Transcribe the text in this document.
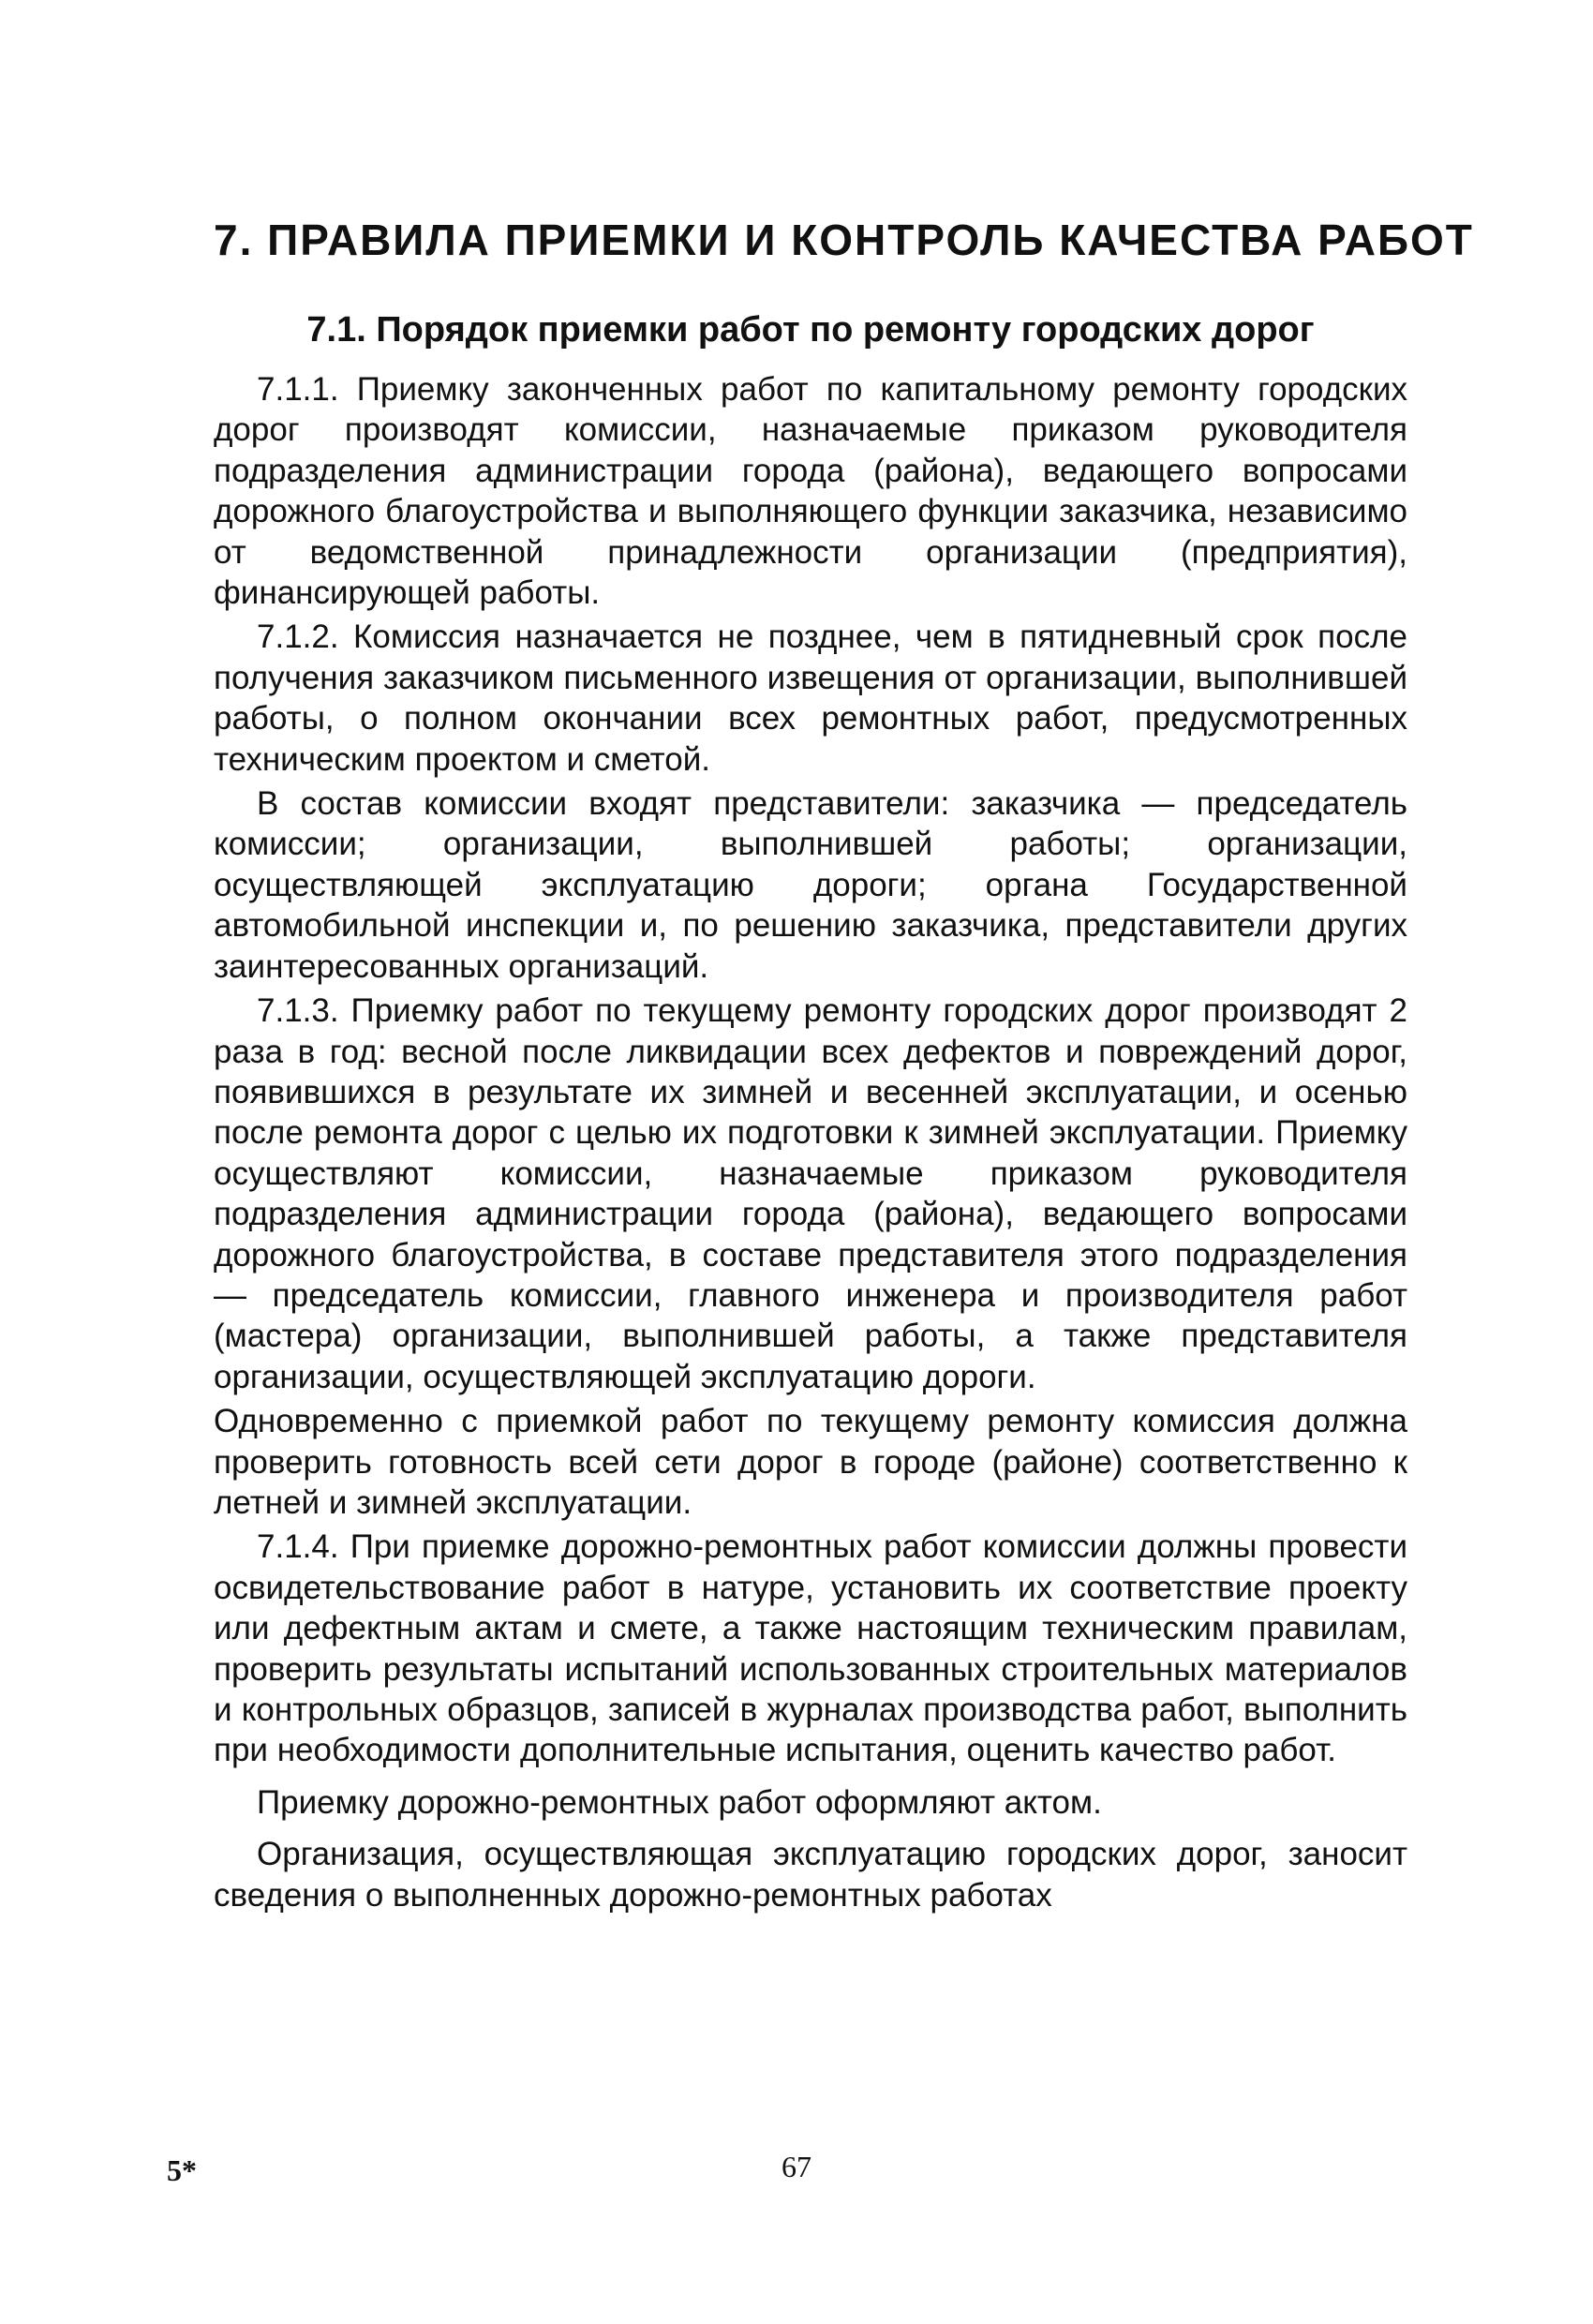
7. ПРАВИЛА ПРИЕМКИ И КОНТРОЛЬ КАЧЕСТВА РАБОТ
7.1. Порядок приемки работ по ремонту городских дорог

7.1.1. Приемку законченных работ по капитальному ремонту городских дорог производят комиссии, назначаемые приказом руководителя подразделения администрации города (района), ведающего вопросами дорожного благоустройства и выполняющего функции заказчика, независимо от ведомственной принадлежности организации (предприятия), финансирующей работы.

7.1.2. Комиссия назначается не позднее, чем в пятидневный срок после получения заказчиком письменного извещения от организации, выполнившей работы, о полном окончании всех ремонтных работ, предусмотренных техническим проектом и сметой.

В состав комиссии входят представители: заказчика — председатель комиссии; организации, выполнившей работы; организации, осуществляющей эксплуатацию дороги; органа Государственной автомобильной инспекции и, по решению заказчика, представители других заинтересованных организаций.

7.1.3. Приемку работ по текущему ремонту городских дорог производят 2 раза в год: весной после ликвидации всех дефектов и повреждений дорог, появившихся в результате их зимней и весенней эксплуатации, и осенью после ремонта дорог с целью их подготовки к зимней эксплуатации. Приемку осуществляют комиссии, назначаемые приказом руководителя подразделения администрации города (района), ведающего вопросами дорожного благоустройства, в составе представителя этого подразделения — председатель комиссии, главного инженера и производителя работ (мастера) организации, выполнившей работы, а также представителя организации, осуществляющей эксплуатацию дороги.

Одновременно с приемкой работ по текущему ремонту комиссия должна проверить готовность всей сети дорог в городе (районе) соответственно к летней и зимней эксплуатации.

7.1.4. При приемке дорожно-ремонтных работ комиссии должны провести освидетельствование работ в натуре, установить их соответствие проекту или дефектным актам и смете, а также настоящим техническим правилам, проверить результаты испытаний использованных строительных материалов и контрольных образцов, записей в журналах производства работ, выполнить при необходимости дополнительные испытания, оценить качество работ.

Приемку дорожно-ремонтных работ оформляют актом.

Организация, осуществляющая эксплуатацию городских дорог, заносит сведения о выполненных дорожно-ремонтных работах

5*	67
